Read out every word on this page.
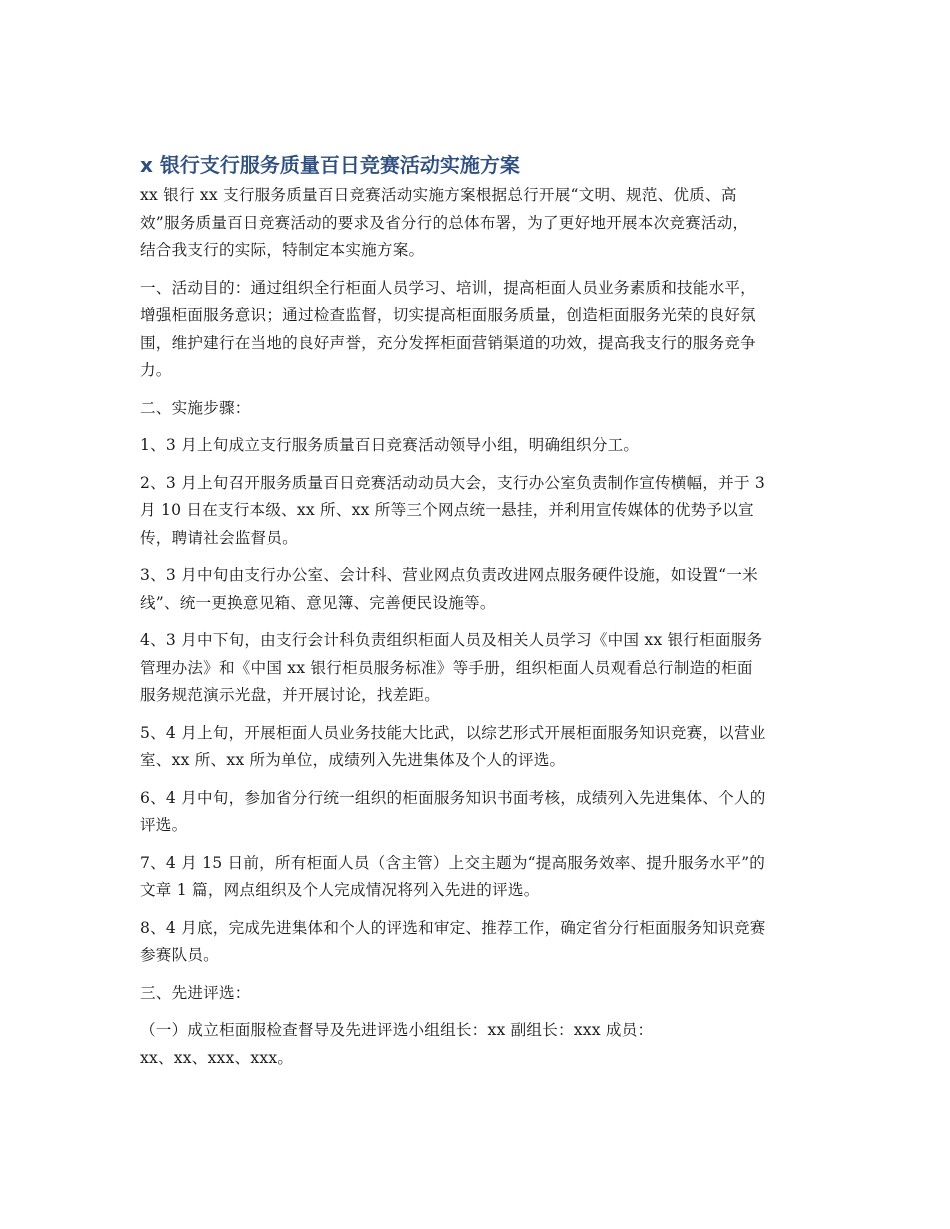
x 银行支行服务质量百日竞赛活动实施方案

xx 银行 xx 支行服务质量百日竞赛活动实施方案根据总行开展“文明、规范、优质、高
效”服务质量百日竞赛活动的要求及省分行的总体布署，为了更好地开展本次竞赛活动，
结合我支行的实际，特制定本实施方案。

一、活动目的：通过组织全行柜面人员学习、培训，提高柜面人员业务素质和技能水平，
增强柜面服务意识；通过检查监督，切实提高柜面服务质量，创造柜面服务光荣的良好氛
围，维护建行在当地的良好声誉，充分发挥柜面营销渠道的功效，提高我支行的服务竞争
力。

二、实施步骤：

1、3 月上旬成立支行服务质量百日竞赛活动领导小组，明确组织分工。

2、3 月上旬召开服务质量百日竞赛活动动员大会，支行办公室负责制作宣传横幅，并于 3
月 10 日在支行本级、xx 所、xx 所等三个网点统一悬挂，并利用宣传媒体的优势予以宣
传，聘请社会监督员。

3、3 月中旬由支行办公室、会计科、营业网点负责改进网点服务硬件设施，如设置“一米
线”、统一更换意见箱、意见簿、完善便民设施等。

4、3 月中下旬，由支行会计科负责组织柜面人员及相关人员学习《中国 xx 银行柜面服务
管理办法》和《中国 xx 银行柜员服务标准》等手册，组织柜面人员观看总行制造的柜面
服务规范演示光盘，并开展讨论，找差距。

5、4 月上旬，开展柜面人员业务技能大比武，以综艺形式开展柜面服务知识竞赛，以营业
室、xx 所、xx 所为单位，成绩列入先进集体及个人的评选。

6、4 月中旬，参加省分行统一组织的柜面服务知识书面考核，成绩列入先进集体、个人的
评选。

7、4 月 15 日前，所有柜面人员（含主管）上交主题为“提高服务效率、提升服务水平”的
文章 1 篇，网点组织及个人完成情况将列入先进的评选。

8、4 月底，完成先进集体和个人的评选和审定、推荐工作，确定省分行柜面服务知识竞赛
参赛队员。

三、先进评选：

（一）成立柜面服检查督导及先进评选小组组长：xx 副组长：xxx 成员：
xx、xx、xxx、xxx。
